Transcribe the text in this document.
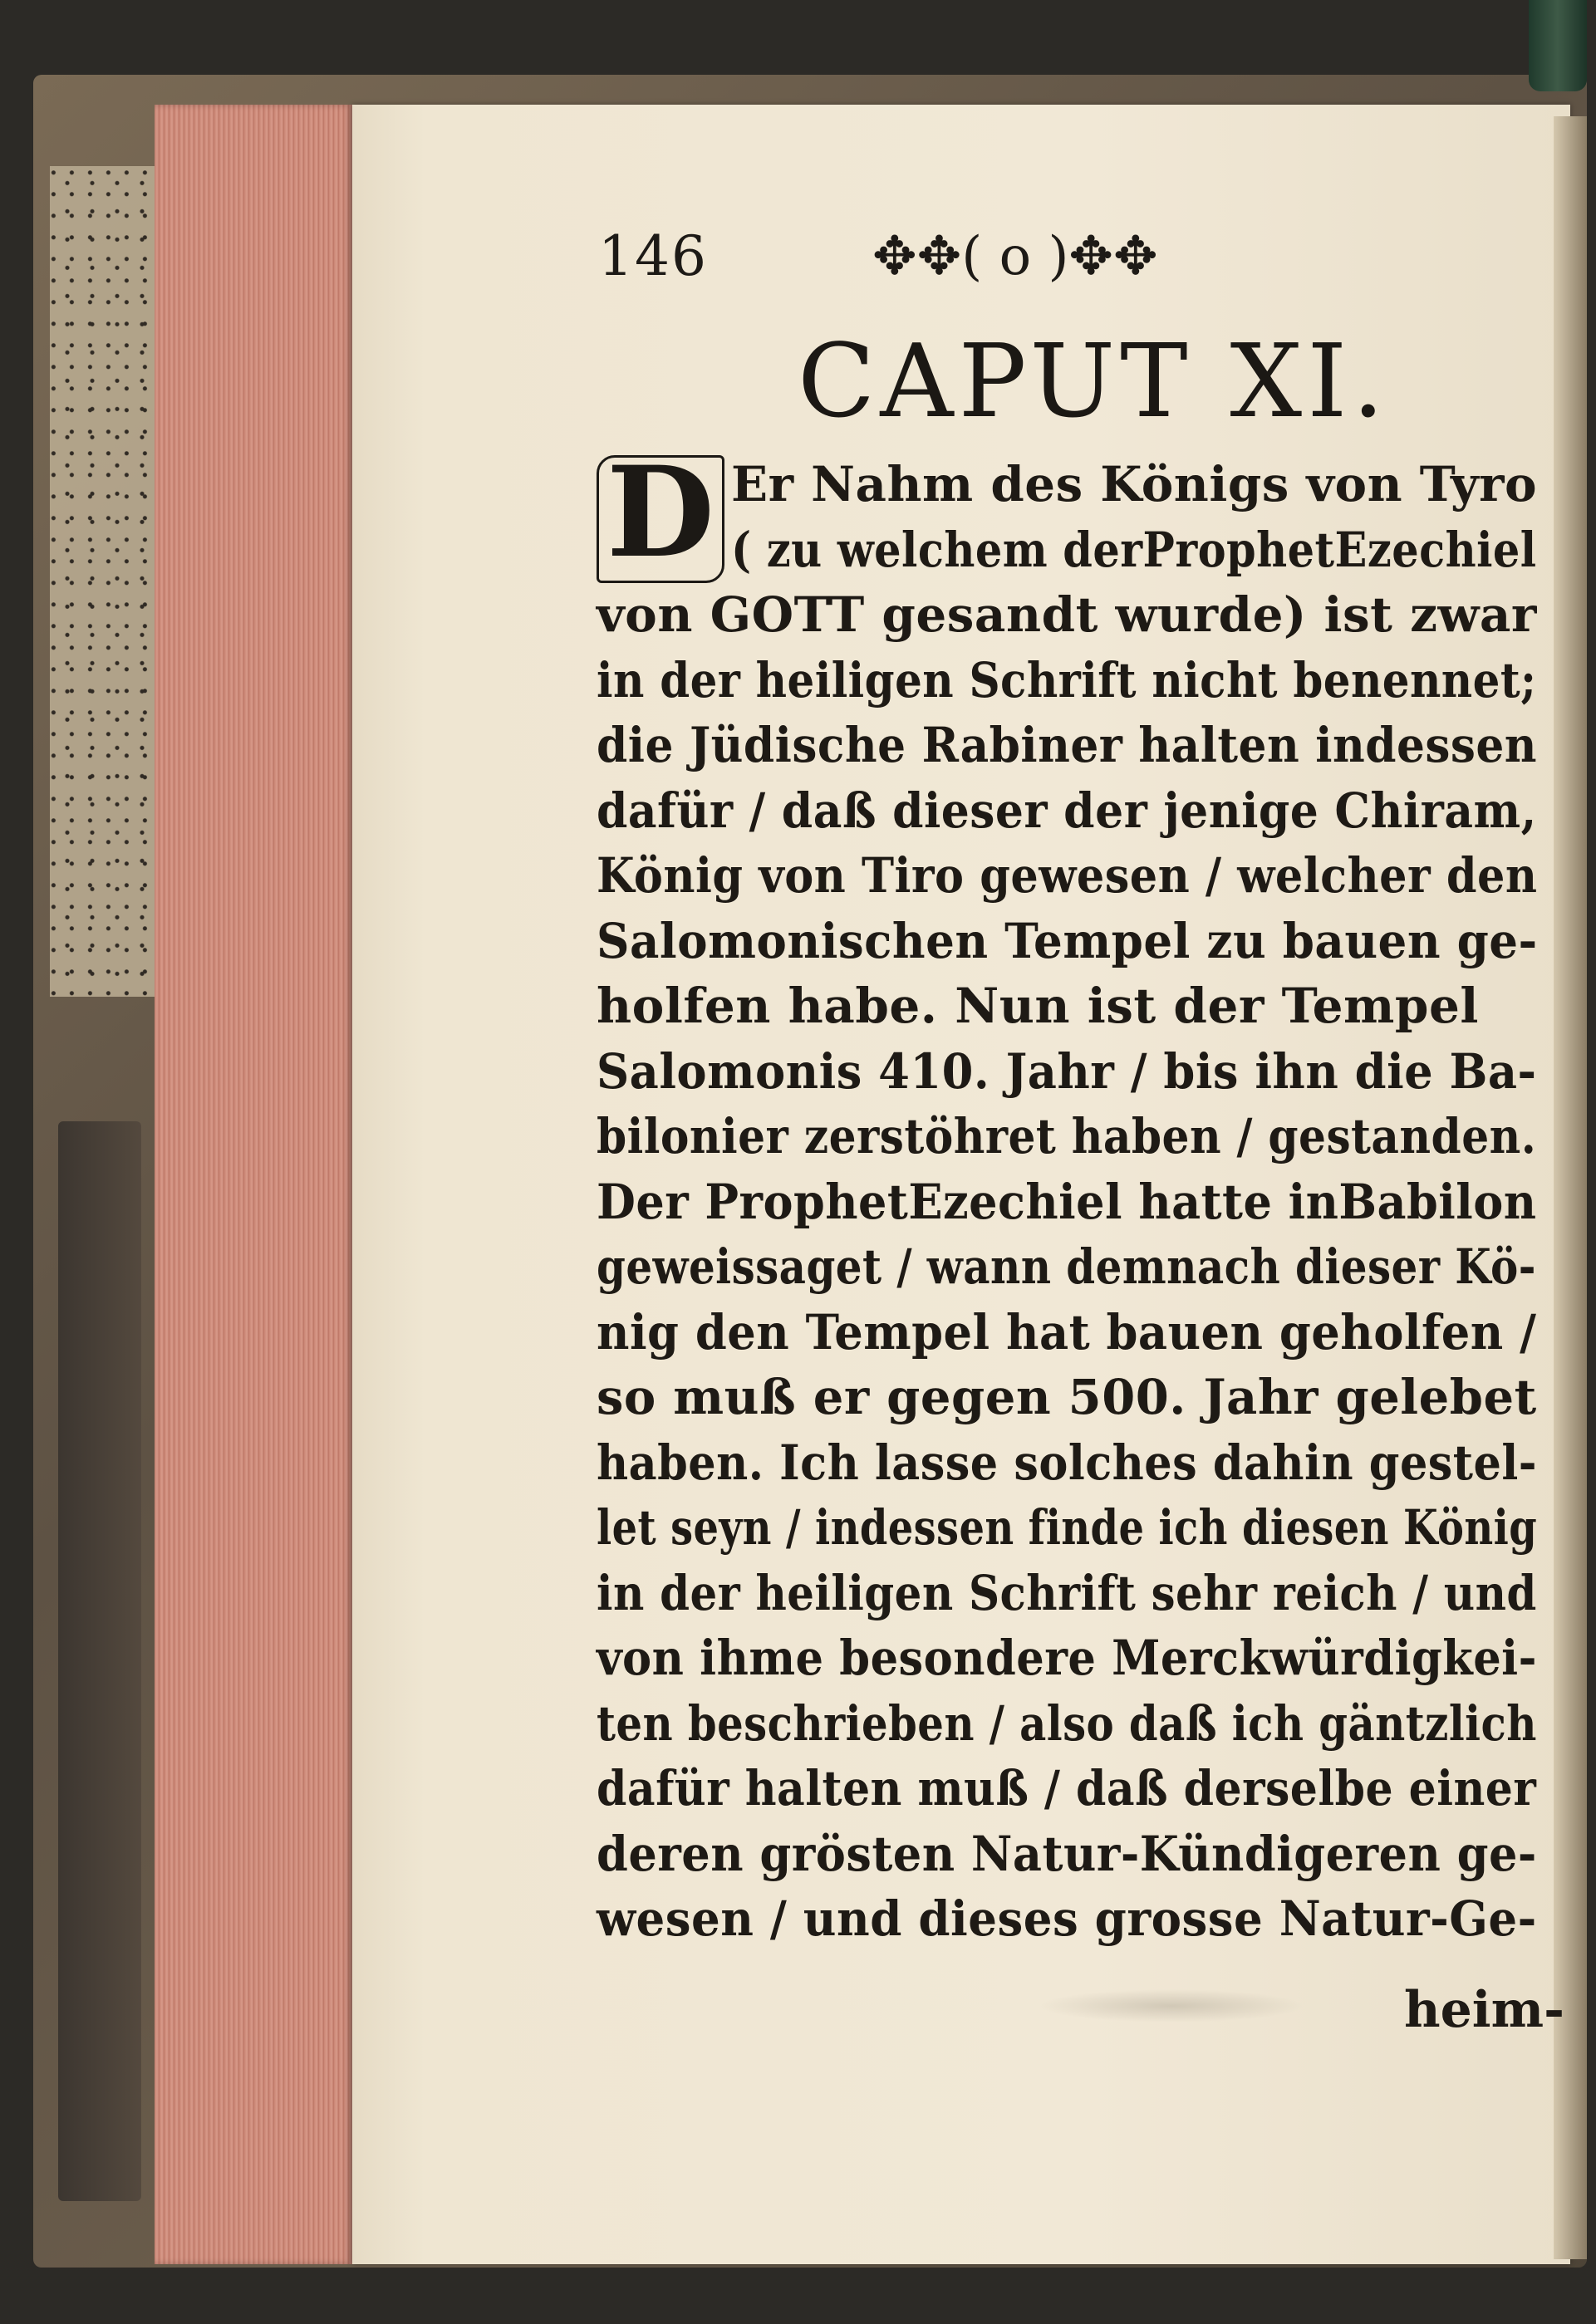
146	✥✥( o )✥✥
CAPUT XI.
D Er Nahm des Königs von Tyro
( zu welchem derProphetEzechiel
von GOTT gesandt wurde) ist zwar
in der heiligen Schrift nicht benennet;
die Jüdische Rabiner halten indessen
dafür / daß dieser der jenige Chiram,
König von Tiro gewesen / welcher den
Salomonischen Tempel zu bauen ge-
holfen habe. Nun ist der Tempel
Salomonis 410. Jahr / bis ihn die Ba-
bilonier zerstöhret haben / gestanden.
Der ProphetEzechiel hatte inBabilon
geweissaget / wann demnach dieser Kö-
nig den Tempel hat bauen geholfen /
so muß er gegen 500. Jahr gelebet
haben. Ich lasse solches dahin gestel-
let seyn / indessen finde ich diesen König
in der heiligen Schrift sehr reich / und
von ihme besondere Merckwürdigkei-
ten beschrieben / also daß ich gäntzlich
dafür halten muß / daß derselbe einer
deren grösten Natur-Kündigeren ge-
wesen / und dieses grosse Natur-Ge-
heim-
